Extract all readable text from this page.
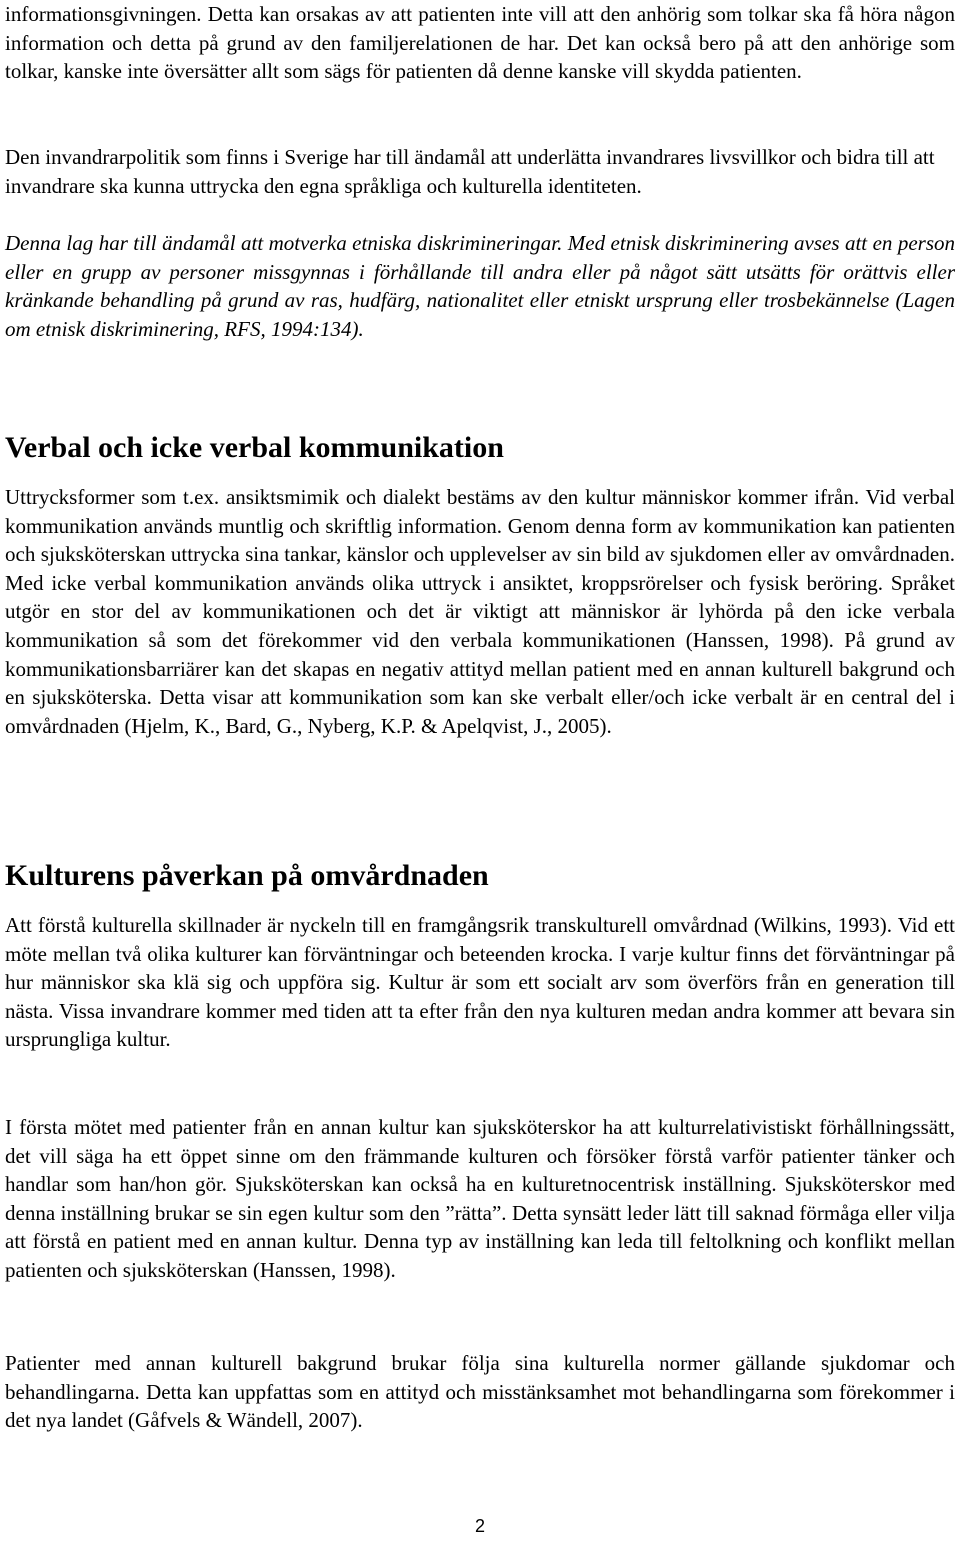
informationsgivningen. Detta kan orsakas av att patienten inte vill att den anhörig som tolkar ska få höra någon information och detta på grund av den familjerelationen de har. Det kan också bero på att den anhörige som tolkar, kanske inte översätter allt som sägs för patienten då denne kanske vill skydda patienten.

Den invandrarpolitik som finns i Sverige har till ändamål att underlätta invandrares livsvillkor och bidra till att invandrare ska kunna uttrycka den egna språkliga och kulturella identiteten.

Denna lag har till ändamål att motverka etniska diskrimineringar. Med etnisk diskriminering avses att en person eller en grupp av personer missgynnas i förhållande till andra eller på något sätt utsätts för orättvis eller kränkande behandling på grund av ras, hudfärg, nationalitet eller etniskt ursprung eller trosbekännelse (Lagen om etnisk diskriminering, RFS, 1994:134).

Verbal och icke verbal kommunikation

Uttrycksformer som t.ex. ansiktsmimik och dialekt bestäms av den kultur människor kommer ifrån. Vid verbal kommunikation används muntlig och skriftlig information. Genom denna form av kommunikation kan patienten och sjuksköterskan uttrycka sina tankar, känslor och upplevelser av sin bild av sjukdomen eller av omvårdnaden. Med icke verbal kommunikation används olika uttryck i ansiktet, kroppsrörelser och fysisk beröring. Språket utgör en stor del av kommunikationen och det är viktigt att människor är lyhörda på den icke verbala kommunikation så som det förekommer vid den verbala kommunikationen (Hanssen, 1998). På grund av kommunikationsbarriärer kan det skapas en negativ attityd mellan patient med en annan kulturell bakgrund och en sjuksköterska. Detta visar att kommunikation som kan ske verbalt eller/och icke verbalt är en central del i omvårdnaden (Hjelm, K., Bard, G., Nyberg, K.P. & Apelqvist, J., 2005).

Kulturens påverkan på omvårdnaden

Att förstå kulturella skillnader är nyckeln till en framgångsrik transkulturell omvårdnad (Wilkins, 1993). Vid ett möte mellan två olika kulturer kan förväntningar och beteenden krocka. I varje kultur finns det förväntningar på hur människor ska klä sig och uppföra sig. Kultur är som ett socialt arv som överförs från en generation till nästa. Vissa invandrare kommer med tiden att ta efter från den nya kulturen medan andra kommer att bevara sin ursprungliga kultur.

I första mötet med patienter från en annan kultur kan sjuksköterskor ha att kulturrelativistiskt förhållningssätt, det vill säga ha ett öppet sinne om den främmande kulturen och försöker förstå varför patienter tänker och handlar som han/hon gör. Sjuksköterskan kan också ha en kulturetnocentrisk inställning. Sjuksköterskor med denna inställning brukar se sin egen kultur som den ”rätta”. Detta synsätt leder lätt till saknad förmåga eller vilja att förstå en patient med en annan kultur. Denna typ av inställning kan leda till feltolkning och konflikt mellan patienten och sjuksköterskan (Hanssen, 1998).

Patienter med annan kulturell bakgrund brukar följa sina kulturella normer gällande sjukdomar och behandlingarna. Detta kan uppfattas som en attityd och misstänksamhet mot behandlingarna som förekommer i det nya landet (Gåfvels & Wändell, 2007).

2
